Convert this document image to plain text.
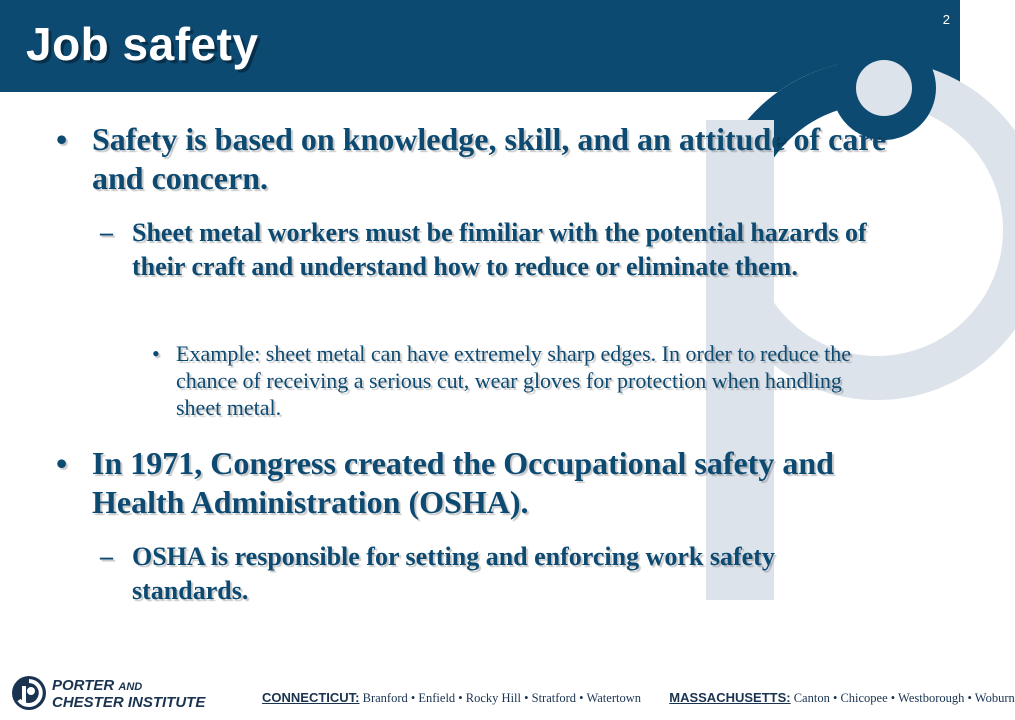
Job safety	2
• Safety is based on knowledge, skill, and an attitude of care and concern.
– Sheet metal workers must be fimiliar with the potential hazards of their craft and understand how to reduce or eliminate them.
• Example: sheet metal can have extremely sharp edges. In order to reduce the chance of receiving a serious cut, wear gloves for protection when handling sheet metal.
• In 1971, Congress created the Occupational safety and Health Administration (OSHA).
– OSHA is responsible for setting and enforcing work safety standards.
PORTER AND
CHESTER INSTITUTE	CONNECTICUT: Branford • Enfield • Rocky Hill • Stratford • Watertown MASSACHUSETTS: Canton • Chicopee • Westborough • Woburn
